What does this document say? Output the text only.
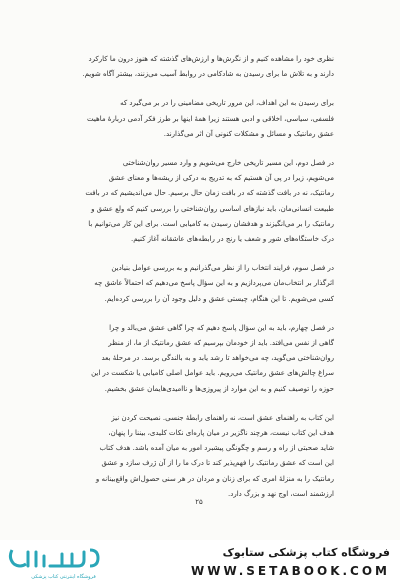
نظری خود را مشاهده کنیم و از نگرش‌ها و ارزش‌های گذشته که هنوز درون ما کارکرد
دارند و به تلاش ما برای رسیدن به شادکامی در روابط آسیب می‌زنند، بیشتر آگاه شویم.
برای رسیدن به این اهداف، این مرور تاریخی مضامینی را در بر می‌گیرد که
فلسفی، سیاسی، اخلاقی و ادبی هستند زیرا همهٔ اینها بر طرز فکر آدمی دربارهٔ ماهیت
عشق رمانتیک و مسائل و مشکلات کنونی آن اثر می‌گذارند.
در فصل دوم، این مسیر تاریخی خارج می‌شویم و وارد مسیر روان‌شناختی
می‌شویم، زیرا در پی آن هستیم که به تدریج به درکی از ریشه‌ها و معنای عشق
رمانتیک، نه در بافت گذشته که در بافت زمان حال برسیم. حال می‌اندیشیم که در بافت
طبیعت انسانی‌مان، باید نیازهای اساسی روان‌شناختی را بررسی کنیم که ولع عشق و
رمانتیک را بر می‌انگیزند و هدفشان رسیدن به کامیابی است. برای این کار می‌توانیم با
درک خاستگاه‌های شور و شعف یا رنج در رابطه‌های عاشقانه آغاز کنیم.
در فصل سوم، فرایند انتخاب را از نظر می‌گذرانیم و به بررسی عوامل بنیادین
اثرگذار بر انتخاب‌مان می‌پردازیم و به این سؤال پاسخ می‌دهیم که احتمالاً عاشق چه
کسی می‌شویم. تا این هنگام، چیستی عشق و دلیل وجود آن را بررسی کرده‌ایم.
در فصل چهارم، باید به این سؤال پاسخ دهیم که چرا گاهی عشق می‌بالد و چرا
گاهی از نفس می‌افتد. باید از خودمان بپرسیم که عشق رمانتیک از ما، از منظر
روان‌شناختی می‌گوید، چه می‌خواهد تا رشد یابد و به بالندگی برسد. در مرحلهٔ بعد
سراغ چالش‌های عشق رمانتیک می‌رویم. باید عوامل اصلی کامیابی یا شکست در این
حوزه را توصیف کنیم و به این موارد از پیروزی‌ها و ناامیدی‌هایمان عشق بخشیم.
این کتاب به راهنمای عشق است، نه راهنمای رابطهٔ جنسی. نصیحت کردن نیز
هدف این کتاب نیست، هرچند ناگزیر در میان پاره‌ای نکات کلیدی، بیننا را پنهان،
شاید صحبتی از راه و رسم و چگونگی پیشبرد امور به میان آمده باشد. هدف کتاب
این است که عشق رمانتیک را فهم‌پذیر کند تا درک ما را از آن ژرف سازد و عشق
رمانتیک را به منزلهٔ امری که برای زنان و مردان در هر سنی حصول‌اش واقع‌بینانه و
ارزشمند است، اوج نهد و بزرگ دارد.
۲۵
فروشگاه اینترنتی کتاب پزشکی
فروشگاه کتاب پزشکی ستابوک
WWW.SETABOOK.COM
